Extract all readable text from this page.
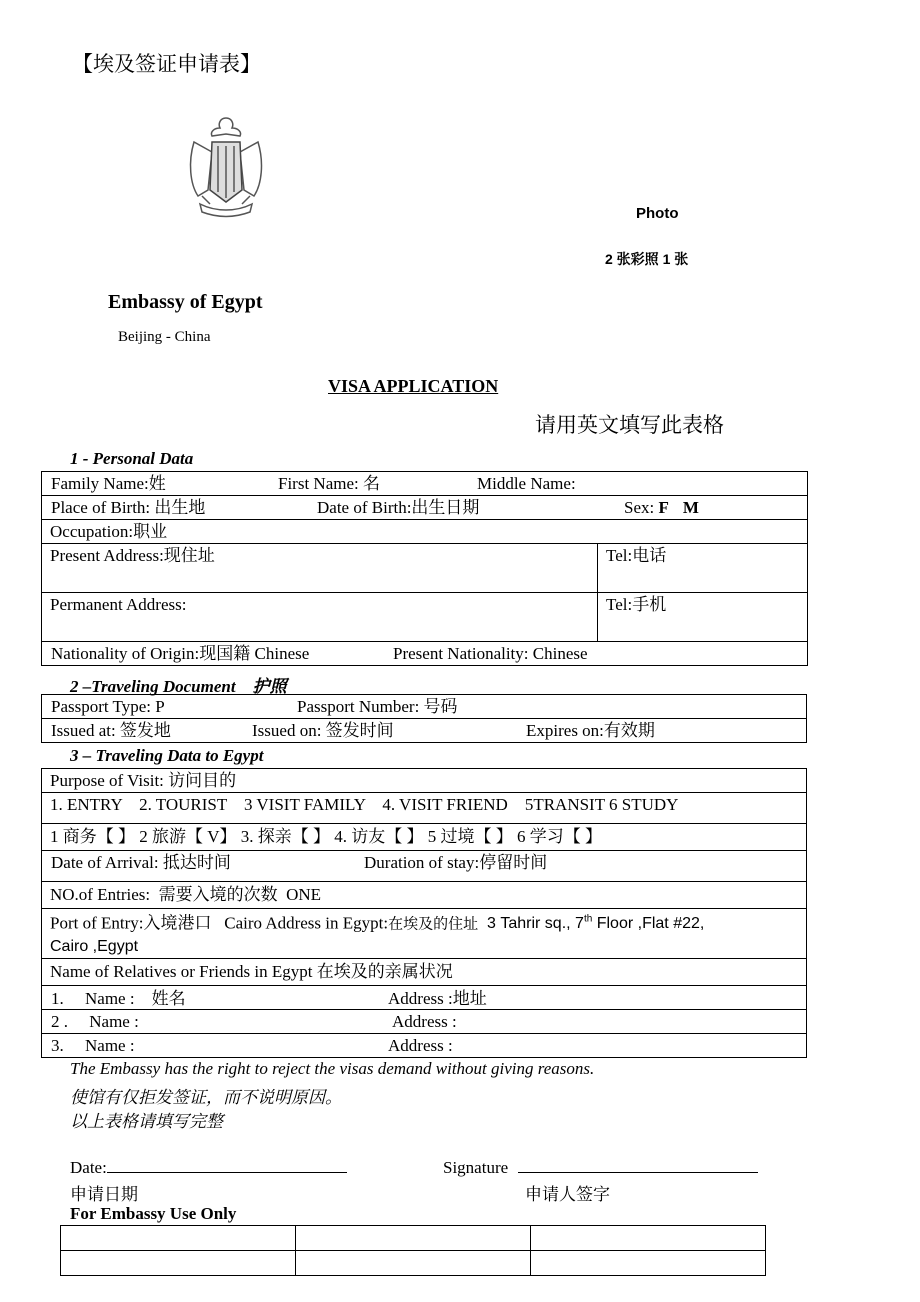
【埃及签证申请表】
Photo
2 张彩照 1 张
Embassy of Egypt
Beijing - China
VISA APPLICATION
请用英文填写此表格
1 - Personal Data
Family Name:姓 First Name: 名 Middle Name:	

Place of Birth: 出生地 Date of Birth:出生日期 Sex: F M	

Occupation:职业	
Present Address:现住址	Tel:电话
Permanent Address:	Tel:手机

Nationality of Origin:现国籍 Chinese Present Nationality: Chinese	
2 –Traveling Document    护照
Passport Type: P	Passport Number: 号码

Issued at: 签发地	Issued on: 签发时间	Expires on:有效期
3 – Traveling Data to Egypt
Purpose of Visit: 访问目的
1. ENTRY    2. TOURIST    3 VISIT FAMILY    4. VISIT FRIEND    5TRANSIT 6 STUDY
1 商务【 】 2 旅游【 V】 3. 探亲【 】 4. 访友【 】 5 过境【 】 6 学习【 】

Date of Arrival: 抵达时间	Duration of stay:停留时间

NO.of Entries:  需要入境的次数  ONE
Port of Entry:入境港口   Cairo Address in Egypt:在埃及的住址  3 Tahrir sq., 7th Floor ,Flat #22,
Cairo ,Egypt
Name of Relatives or Friends in Egypt 在埃及的亲属状况

1.     Name :    姓名	Address :地址

2 .     Name :	Address :

3.     Name :	Address :
The Embassy has the right to reject the visas demand without giving reasons.
使馆有仅拒发签证，而不说明原因。
以上表格请填写完整
Date:
申请日期
Signature
申请人签字
For Embassy Use Only
